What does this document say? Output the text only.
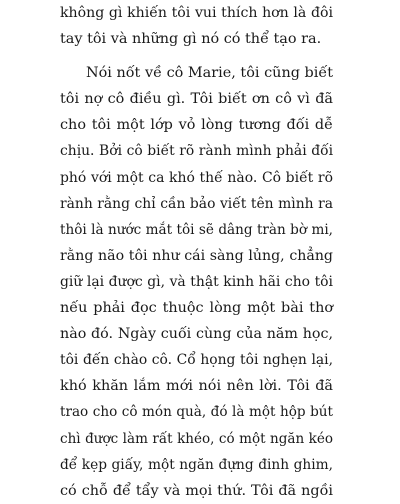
không gì khiến tôi vui thích hơn là đôi
tay tôi và những gì nó có thể tạo ra.
Nói nốt về cô Marie, tôi cũng biết
tôi nợ cô điều gì. Tôi biết ơn cô vì đã
cho tôi một lớp vỏ lòng tương đối dễ
chịu. Bởi cô biết rõ rành mình phải đối
phó với một ca khó thế nào. Cô biết rõ
rành rằng chỉ cần bảo viết tên mình ra
thôi là nước mắt tôi sẽ dâng tràn bờ mi,
rằng não tôi như cái sàng lủng, chẳng
giữ lại được gì, và thật kinh hãi cho tôi
nếu phải đọc thuộc lòng một bài thơ
nào đó. Ngày cuối cùng của năm học,
tôi đến chào cô. Cổ họng tôi nghẹn lại,
khó khăn lắm mới nói nên lời. Tôi đã
trao cho cô món quà, đó là một hộp bút
chì được làm rất khéo, có một ngăn kéo
để kẹp giấy, một ngăn đựng đinh ghim,
có chỗ để tẩy và mọi thứ. Tôi đã ngồi
